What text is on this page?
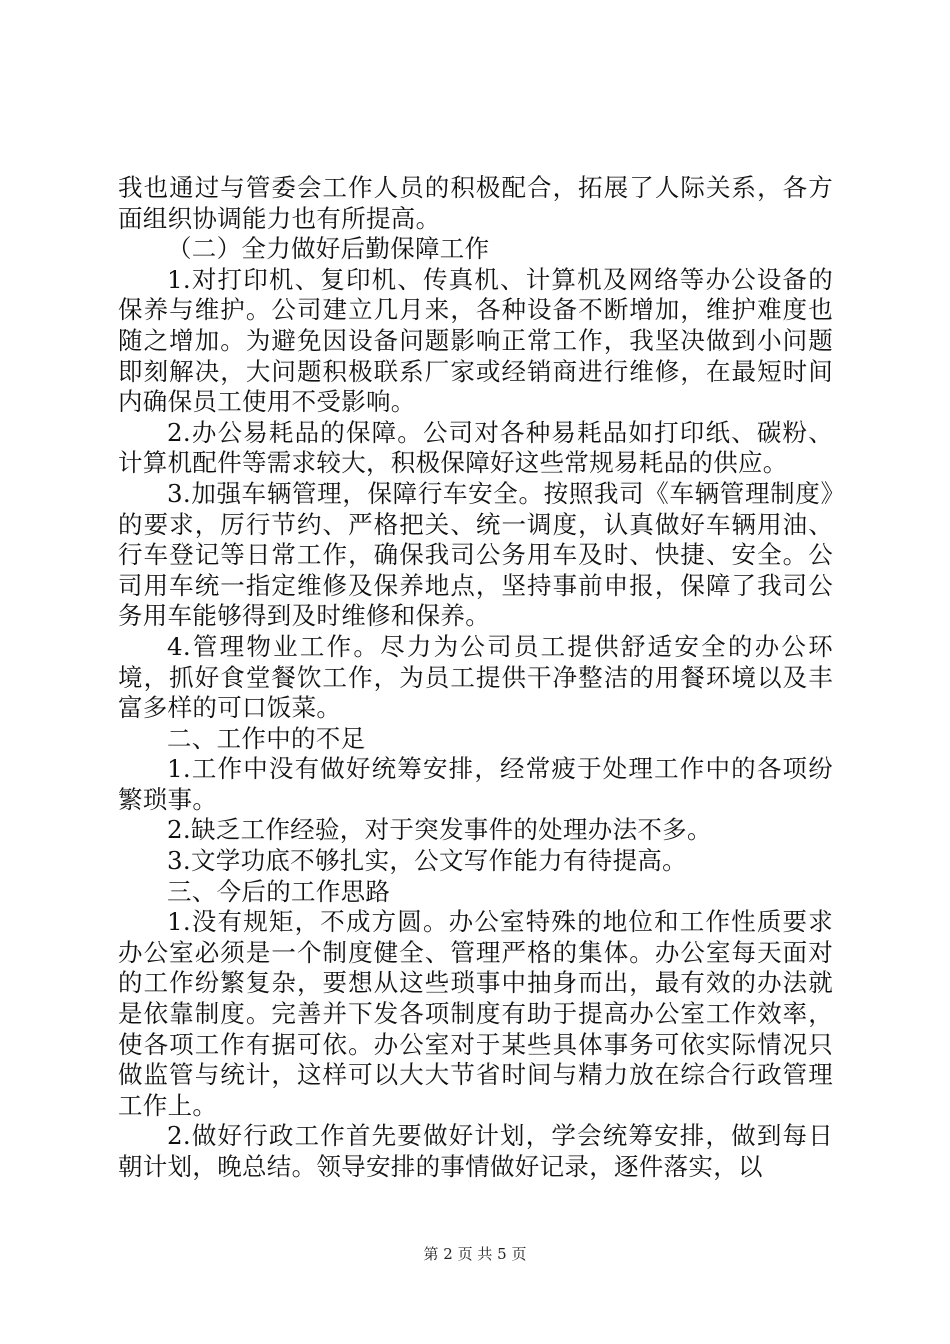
我也通过与管委会工作人员的积极配合，拓展了人际关系，各方面组织协调能力也有所提高。

（二）全力做好后勤保障工作

1.对打印机、复印机、传真机、计算机及网络等办公设备的保养与维护。公司建立几月来，各种设备不断增加，维护难度也随之增加。为避免因设备问题影响正常工作，我坚决做到小问题即刻解决，大问题积极联系厂家或经销商进行维修，在最短时间内确保员工使用不受影响。

2.办公易耗品的保障。公司对各种易耗品如打印纸、碳粉、计算机配件等需求较大，积极保障好这些常规易耗品的供应。

3.加强车辆管理，保障行车安全。按照我司《车辆管理制度》的要求，厉行节约、严格把关、统一调度，认真做好车辆用油、行车登记等日常工作，确保我司公务用车及时、快捷、安全。公司用车统一指定维修及保养地点，坚持事前申报，保障了我司公务用车能够得到及时维修和保养。

4.管理物业工作。尽力为公司员工提供舒适安全的办公环境，抓好食堂餐饮工作，为员工提供干净整洁的用餐环境以及丰富多样的可口饭菜。

二、工作中的不足

1.工作中没有做好统筹安排，经常疲于处理工作中的各项纷繁琐事。

2.缺乏工作经验，对于突发事件的处理办法不多。

3.文学功底不够扎实，公文写作能力有待提高。

三、今后的工作思路

1.没有规矩，不成方圆。办公室特殊的地位和工作性质要求办公室必须是一个制度健全、管理严格的集体。办公室每天面对的工作纷繁复杂，要想从这些琐事中抽身而出，最有效的办法就是依靠制度。完善并下发各项制度有助于提高办公室工作效率，使各项工作有据可依。办公室对于某些具体事务可依实际情况只做监管与统计，这样可以大大节省时间与精力放在综合行政管理工作上。

2.做好行政工作首先要做好计划，学会统筹安排，做到每日朝计划，晚总结。领导安排的事情做好记录，逐件落实，以

第 2 页 共 5 页
